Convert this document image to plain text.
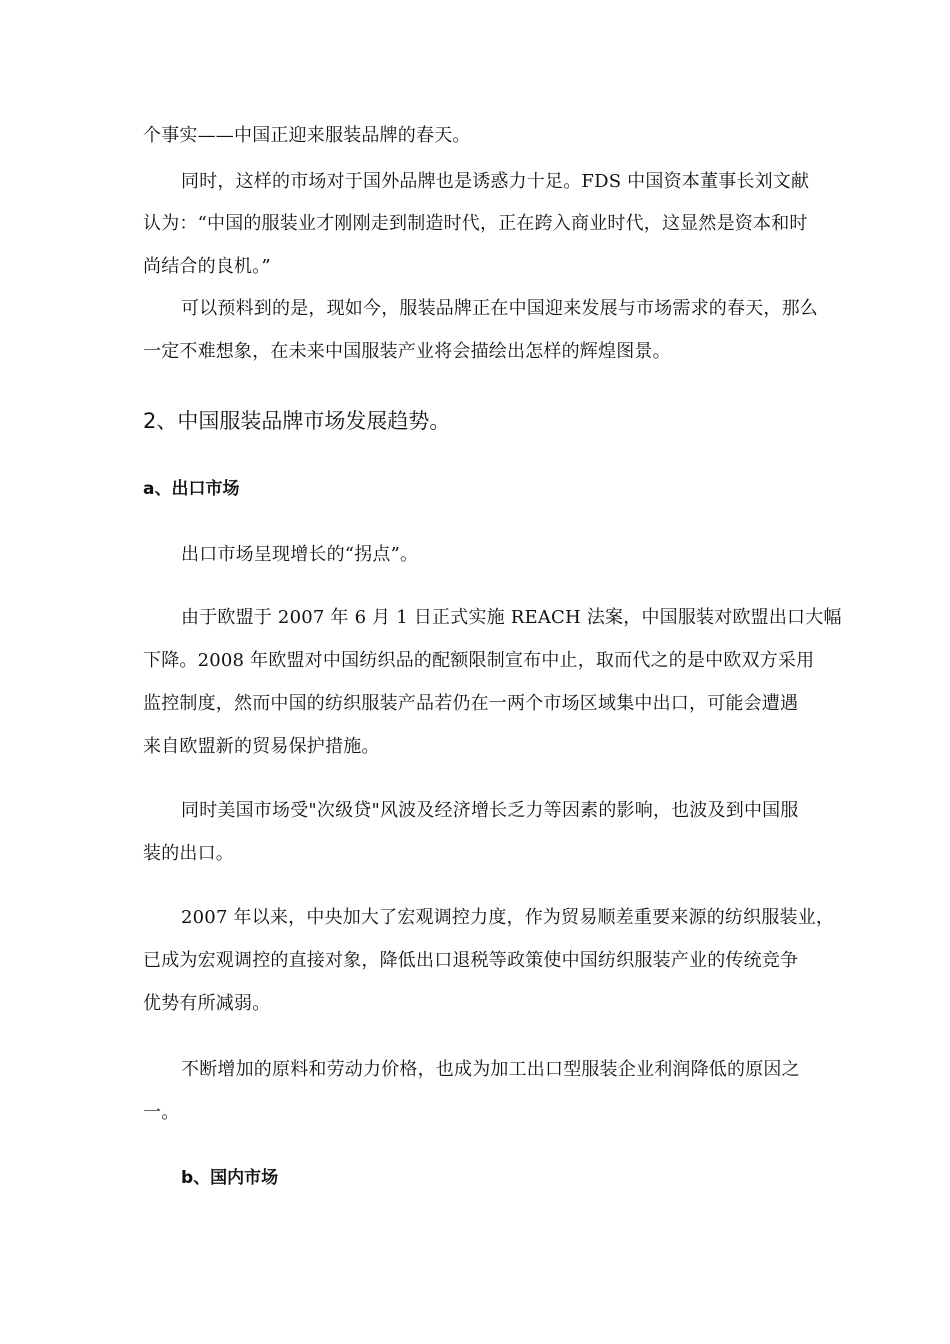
个事实——中国正迎来服装品牌的春天。
同时，这样的市场对于国外品牌也是诱惑力十足。FDS 中国资本董事长刘文献
认为：“中国的服装业才刚刚走到制造时代，正在跨入商业时代，这显然是资本和时
尚结合的良机。”
可以预料到的是，现如今，服装品牌正在中国迎来发展与市场需求的春天，那么
一定不难想象，在未来中国服装产业将会描绘出怎样的辉煌图景。
2、中国服装品牌市场发展趋势。
a、出口市场
出口市场呈现增长的“拐点”。
由于欧盟于 2007 年 6 月 1 日正式实施 REACH 法案，中国服装对欧盟出口大幅
下降。2008 年欧盟对中国纺织品的配额限制宣布中止，取而代之的是中欧双方采用
监控制度，然而中国的纺织服装产品若仍在一两个市场区域集中出口，可能会遭遇
来自欧盟新的贸易保护措施。
同时美国市场受"次级贷"风波及经济增长乏力等因素的影响，也波及到中国服
装的出口。
2007 年以来，中央加大了宏观调控力度，作为贸易顺差重要来源的纺织服装业，
已成为宏观调控的直接对象，降低出口退税等政策使中国纺织服装产业的传统竞争
优势有所减弱。
不断增加的原料和劳动力价格，也成为加工出口型服装企业利润降低的原因之
一。
b、国内市场
